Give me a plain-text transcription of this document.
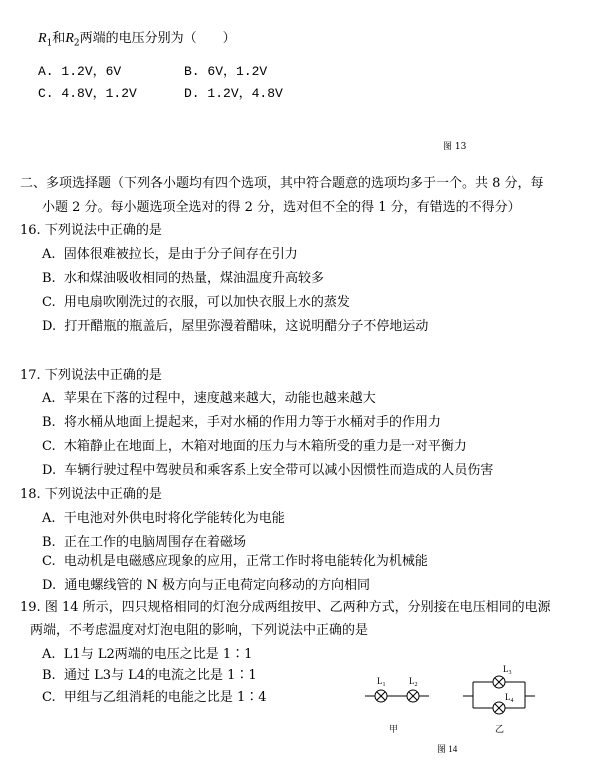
$R_1$和$R_2$两端的电压分别为（　　）
A. 1.2V，6V	B. 6V，1.2V
C. 4.8V，1.2V	D. 1.2V，4.8V
图 13
二、多项选择题（下列各小题均有四个选项，其中符合题意的选项均多于一个。共 8 分，每
小题 2 分。每小题选项全选对的得 2 分，选对但不全的得 1 分，有错选的不得分）
16. 下列说法中正确的是
A. 固体很难被拉长，是由于分子间存在引力
B. 水和煤油吸收相同的热量，煤油温度升高较多
C. 用电扇吹刚洗过的衣服，可以加快衣服上水的蒸发
D. 打开醋瓶的瓶盖后，屋里弥漫着醋味，这说明醋分子不停地运动
17. 下列说法中正确的是
A. 苹果在下落的过程中，速度越来越大，动能也越来越大
B. 将水桶从地面上提起来，手对水桶的作用力等于水桶对手的作用力
C. 木箱静止在地面上，木箱对地面的压力与木箱所受的重力是一对平衡力
D. 车辆行驶过程中驾驶员和乘客系上安全带可以减小因惯性而造成的人员伤害
18. 下列说法中正确的是
A. 干电池对外供电时将化学能转化为电能
B. 正在工作的电脑周围存在着磁场
C. 电动机是电磁感应现象的应用，正常工作时将电能转化为机械能
D. 通电螺线管的 N 极方向与正电荷定向移动的方向相同
19. 图 14 所示，四只规格相同的灯泡分成两组按甲、乙两种方式，分别接在电压相同的电源
两端，不考虑温度对灯泡电阻的影响，下列说法中正确的是
A. L1与 L2两端的电压之比是 1∶1
B. 通过 L3与 L4的电流之比是 1∶1
C. 甲组与乙组消耗的电能之比是 1∶4
$L_1$	$L_2$
甲
$L_3$
$L_4$
乙
图 14
